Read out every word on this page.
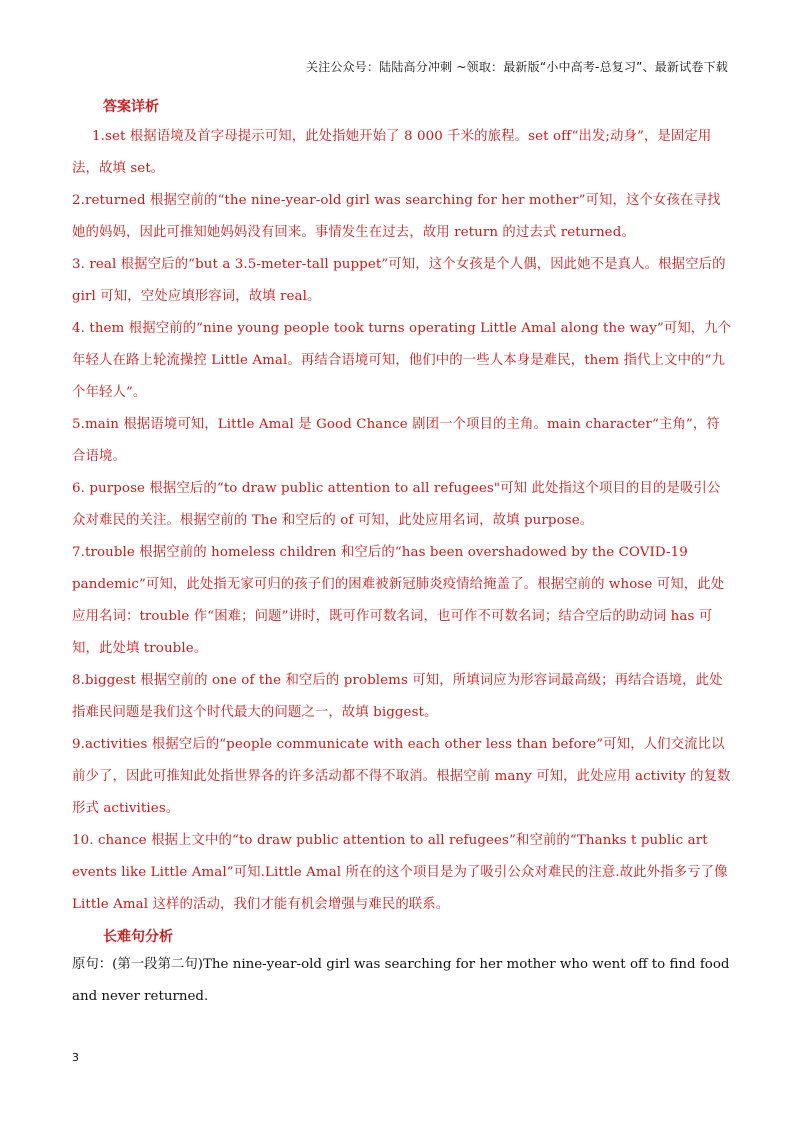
关注公众号：陆陆高分冲刺 ~领取：最新版“小中高考-总复习”、最新试卷下载
答案详析

1.set 根据语境及首字母提示可知，此处指她开始了 8 000 千米的旅程。set off“出发;动身”，是固定用法，故填 set。

2.returned 根据空前的“the nine-year-old girl was searching for her mother”可知，这个女孩在寻找她的妈妈，因此可推知她妈妈没有回来。事情发生在过去，故用 return 的过去式 returned。

3. real 根据空后的“but a 3.5-meter-tall puppet”可知，这个女孩是个人偶，因此她不是真人。根据空后的 girl 可知，空处应填形容词，故填 real。

4. them 根据空前的“nine young people took turns operating Little Amal along the way”可知，九个年轻人在路上轮流操控 Little Amal。再结合语境可知，他们中的一些人本身是难民，them 指代上文中的“九个年轻人”。

5.main 根据语境可知，Little Amal 是 Good Chance 剧团一个项目的主角。main character“主角”，符合语境。

6. purpose 根据空后的“to draw public attention to all refugees"可知 此处指这个项目的目的是吸引公众对难民的关注。根据空前的 The 和空后的 of 可知，此处应用名词，故填 purpose。

7.trouble 根据空前的 homeless children 和空后的“has been overshadowed by the COVID-19 pandemic”可知，此处指无家可归的孩子们的困难被新冠肺炎疫情给掩盖了。根据空前的 whose 可知，此处应用名词：trouble 作“困难；问题”讲时，既可作可数名词，也可作不可数名词；结合空后的助动词 has 可知，此处填 trouble。

8.biggest 根据空前的 one of the 和空后的 problems 可知，所填词应为形容词最高级；再结合语境，此处指难民问题是我们这个时代最大的问题之一，故填 biggest。

9.activities 根据空后的“people communicate with each other less than before”可知，人们交流比以前少了，因此可推知此处指世界各的许多活动都不得不取消。根据空前 many 可知，此处应用 activity 的复数形式 activities。

10. chance 根据上文中的“to draw public attention to all refugees”和空前的“Thanks t public art events like Little Amal”可知.Little Amal 所在的这个项目是为了吸引公众对难民的注意.故此外指多亏了像 Little Amal 这样的活动，我们才能有机会增强与难民的联系。

长难句分析

原句：(第一段第二句)The nine-year-old girl was searching for her mother who went off to find food and never returned.

3
